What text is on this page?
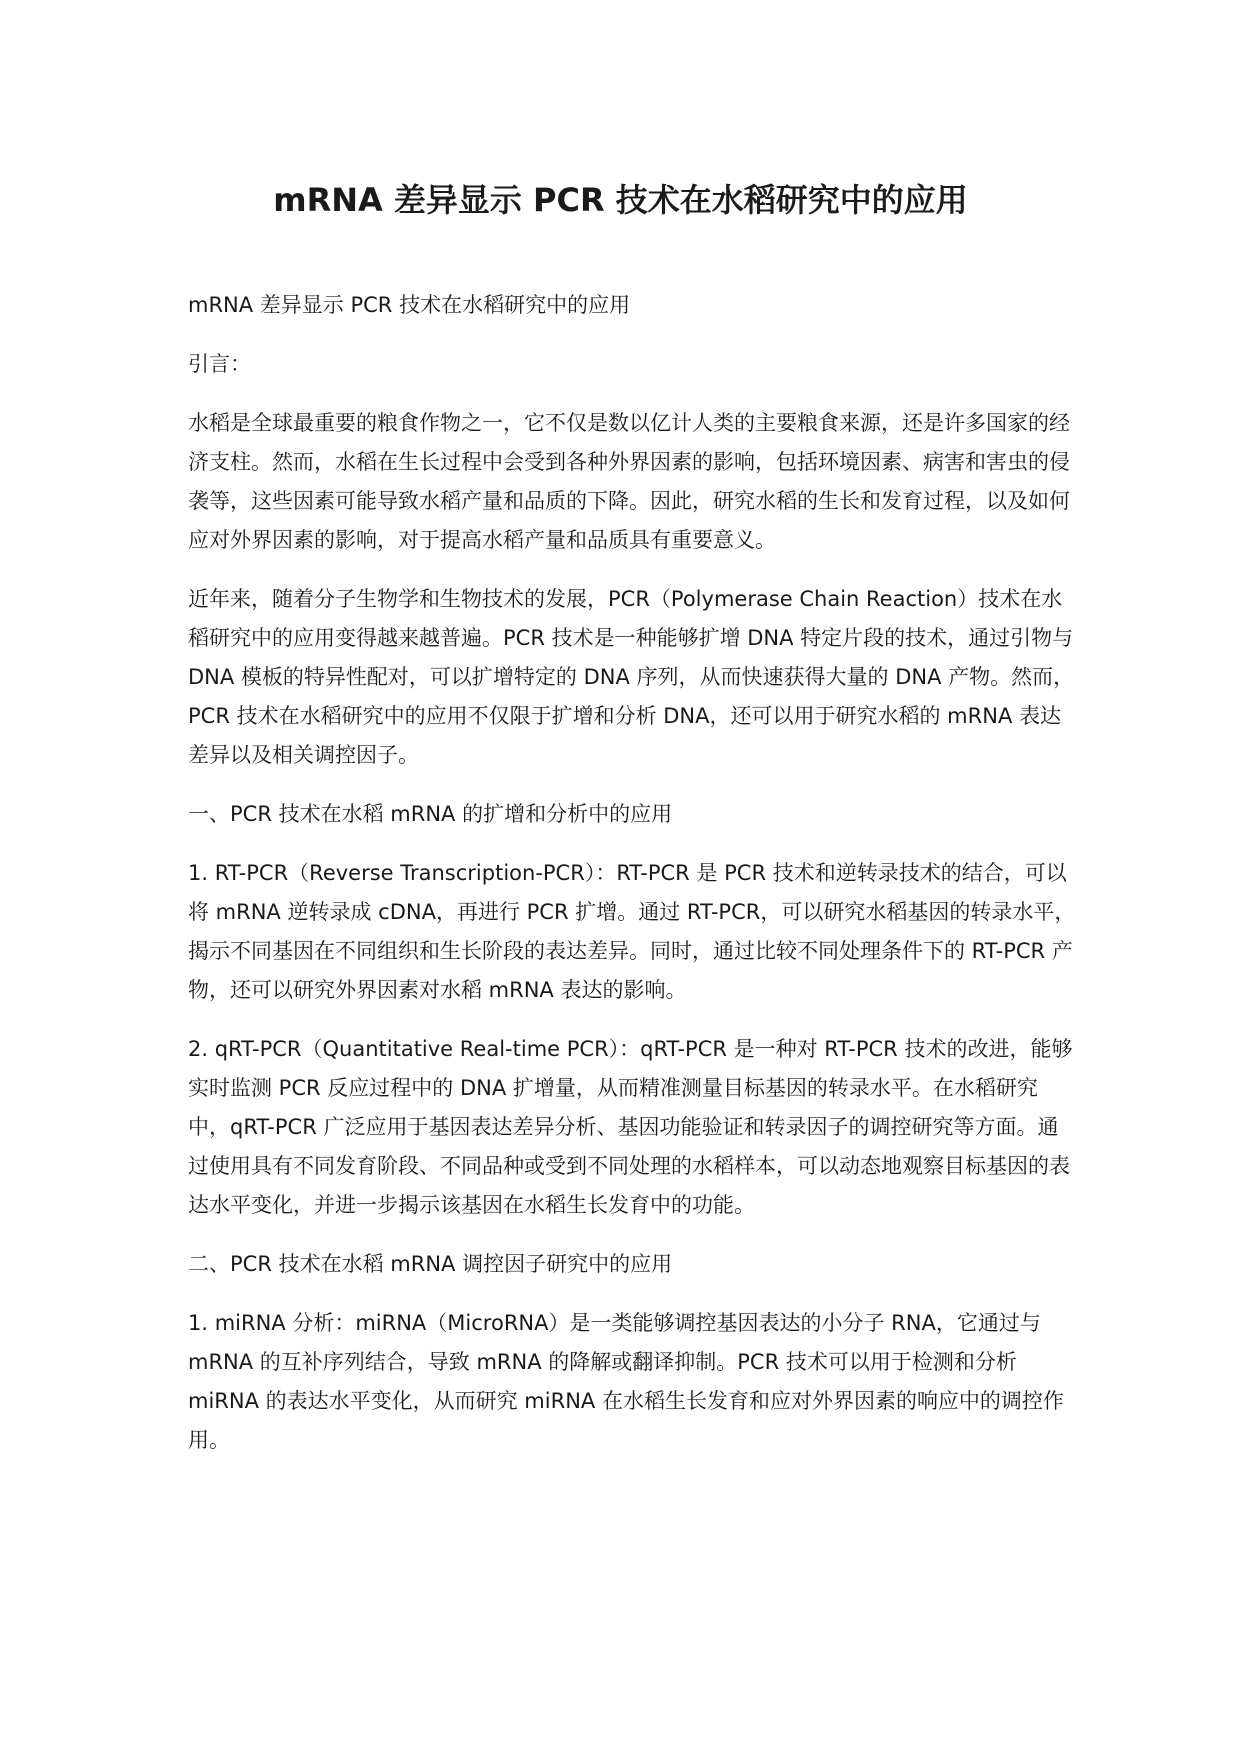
mRNA 差异显示 PCR 技术在水稻研究中的应用

mRNA 差异显示 PCR 技术在水稻研究中的应用

引言：

水稻是全球最重要的粮食作物之一，它不仅是数以亿计人类的主要粮食来源，还是许多国家的经济支柱。然而，水稻在生长过程中会受到各种外界因素的影响，包括环境因素、病害和害虫的侵袭等，这些因素可能导致水稻产量和品质的下降。因此，研究水稻的生长和发育过程，以及如何应对外界因素的影响，对于提高水稻产量和品质具有重要意义。

近年来，随着分子生物学和生物技术的发展，PCR（Polymerase Chain Reaction）技术在水稻研究中的应用变得越来越普遍。PCR 技术是一种能够扩增 DNA 特定片段的技术，通过引物与 DNA 模板的特异性配对，可以扩增特定的 DNA 序列，从而快速获得大量的 DNA 产物。然而，PCR 技术在水稻研究中的应用不仅限于扩增和分析 DNA，还可以用于研究水稻的 mRNA 表达差异以及相关调控因子。

一、PCR 技术在水稻 mRNA 的扩增和分析中的应用

1. RT-PCR（Reverse Transcription-PCR）：RT-PCR 是 PCR 技术和逆转录技术的结合，可以将 mRNA 逆转录成 cDNA，再进行 PCR 扩增。通过 RT-PCR，可以研究水稻基因的转录水平，揭示不同基因在不同组织和生长阶段的表达差异。同时，通过比较不同处理条件下的 RT-PCR 产物，还可以研究外界因素对水稻 mRNA 表达的影响。

2. qRT-PCR（Quantitative Real-time PCR）：qRT-PCR 是一种对 RT-PCR 技术的改进，能够实时监测 PCR 反应过程中的 DNA 扩增量，从而精准测量目标基因的转录水平。在水稻研究中，qRT-PCR 广泛应用于基因表达差异分析、基因功能验证和转录因子的调控研究等方面。通过使用具有不同发育阶段、不同品种或受到不同处理的水稻样本，可以动态地观察目标基因的表达水平变化，并进一步揭示该基因在水稻生长发育中的功能。

二、PCR 技术在水稻 mRNA 调控因子研究中的应用

1. miRNA 分析：miRNA（MicroRNA）是一类能够调控基因表达的小分子 RNA，它通过与 mRNA 的互补序列结合，导致 mRNA 的降解或翻译抑制。PCR 技术可以用于检测和分析 miRNA 的表达水平变化，从而研究 miRNA 在水稻生长发育和应对外界因素的响应中的调控作用。
